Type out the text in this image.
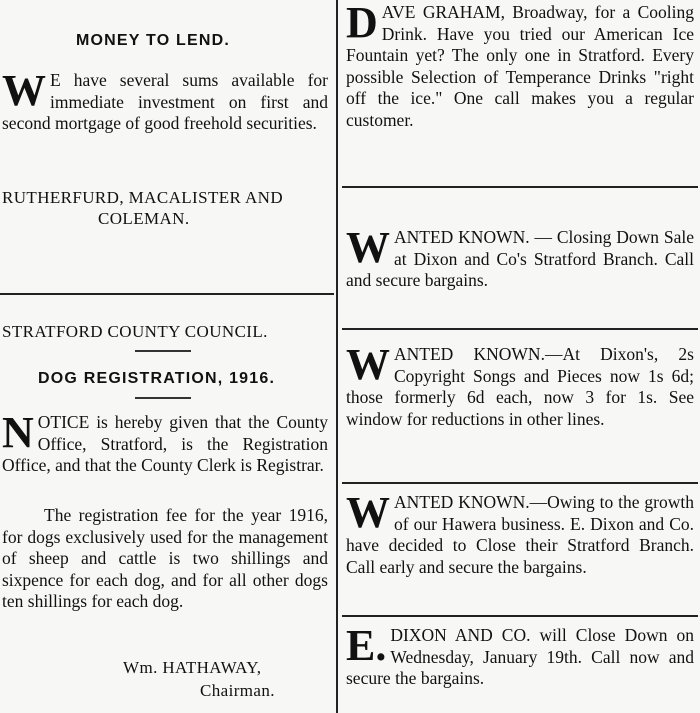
MONEY TO LEND.
W E have several sums available for immediate investment on first and second mortgage of good freehold securities.
RUTHERFURD, MACALISTER AND
COLEMAN.
STRATFORD COUNTY COUNCIL.
DOG REGISTRATION, 1916.
N OTICE is hereby given that the County Office, Stratford, is the Registration Office, and that the County Clerk is Registrar.
The registration fee for the year 1916, for dogs exclusively used for the management of sheep and cattle is two shillings and sixpence for each dog, and for all other dogs ten shillings for each dog.
Wm. HATHAWAY,
Chairman.
D AVE GRAHAM, Broadway, for a Cooling Drink. Have you tried our American Ice Fountain yet? The only one in Stratford. Every possible Selection of Temperance Drinks "right off the ice." One call makes you a regular customer.
W ANTED KNOWN. — Closing Down Sale at Dixon and Co's Stratford Branch. Call and secure bargains.
W ANTED KNOWN.—At Dixon's, 2s Copyright Songs and Pieces now 1s 6d; those formerly 6d each, now 3 for 1s. See window for reductions in other lines.
W ANTED KNOWN.—Owing to the growth of our Hawera business. E. Dixon and Co. have decided to Close their Stratford Branch. Call early and secure the bargains.
E. DIXON AND CO. will Close Down on Wednesday, January 19th. Call now and secure the bargains.
